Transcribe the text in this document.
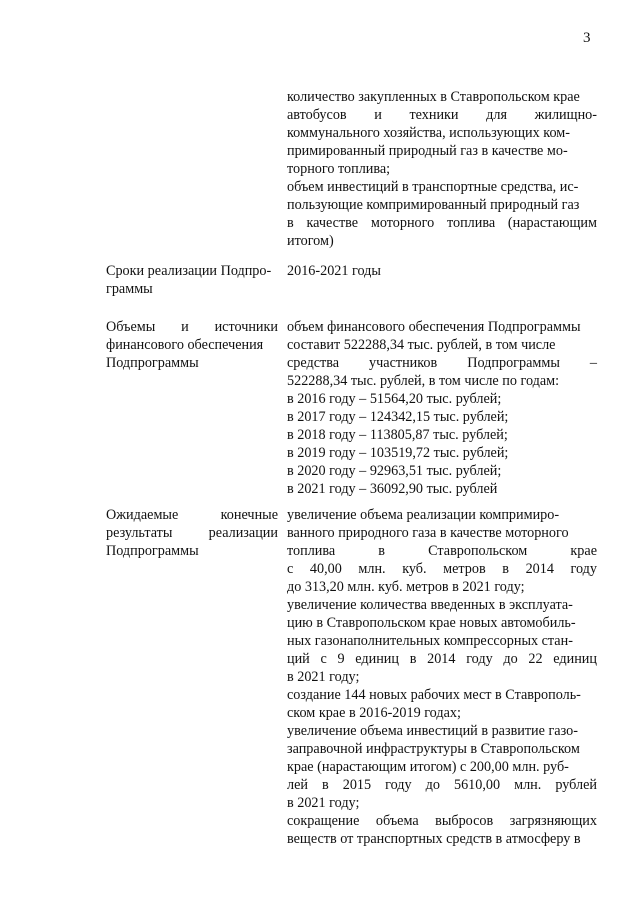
3
количество закупленных в Ставропольском крае
автобусов и техники для жилищно-
коммунального хозяйства, использующих ком-
примированный природный газ в качестве мо-
торного топлива;
объем инвестиций в транспортные средства, ис-
пользующие компримированный природный газ
в качестве моторного топлива (нарастающим
итогом)
Сроки реализации Подпро-
граммы
2016-2021 годы
Объемы и источники
финансового обеспечения
Подпрограммы
объем финансового обеспечения Подпрограммы
составит 522288,34 тыс. рублей, в том числе
средства участников Подпрограммы –
522288,34 тыс. рублей, в том числе по годам:
в 2016 году – 51564,20 тыс. рублей;
в 2017 году – 124342,15 тыс. рублей;
в 2018 году – 113805,87 тыс. рублей;
в 2019 году – 103519,72 тыс. рублей;
в 2020 году – 92963,51 тыс. рублей;
в 2021 году – 36092,90 тыс. рублей
Ожидаемые конечные
результаты реализации
Подпрограммы
увеличение объема реализации компримиро-
ванного природного газа в качестве моторного
топлива в Ставропольском крае
с 40,00 млн. куб. метров в 2014 году
до 313,20 млн. куб. метров в 2021 году;
увеличение количества введенных в эксплуата-
цию в Ставропольском крае новых автомобиль-
ных газонаполнительных компрессорных стан-
ций с 9 единиц в 2014 году до 22 единиц
в 2021 году;
создание 144 новых рабочих мест в Ставрополь-
ском крае в 2016-2019 годах;
увеличение объема инвестиций в развитие газо-
заправочной инфраструктуры в Ставропольском
крае (нарастающим итогом) с 200,00 млн. руб-
лей в 2015 году до 5610,00 млн. рублей
в 2021 году;
сокращение объема выбросов загрязняющих
веществ от транспортных средств в атмосферу в
